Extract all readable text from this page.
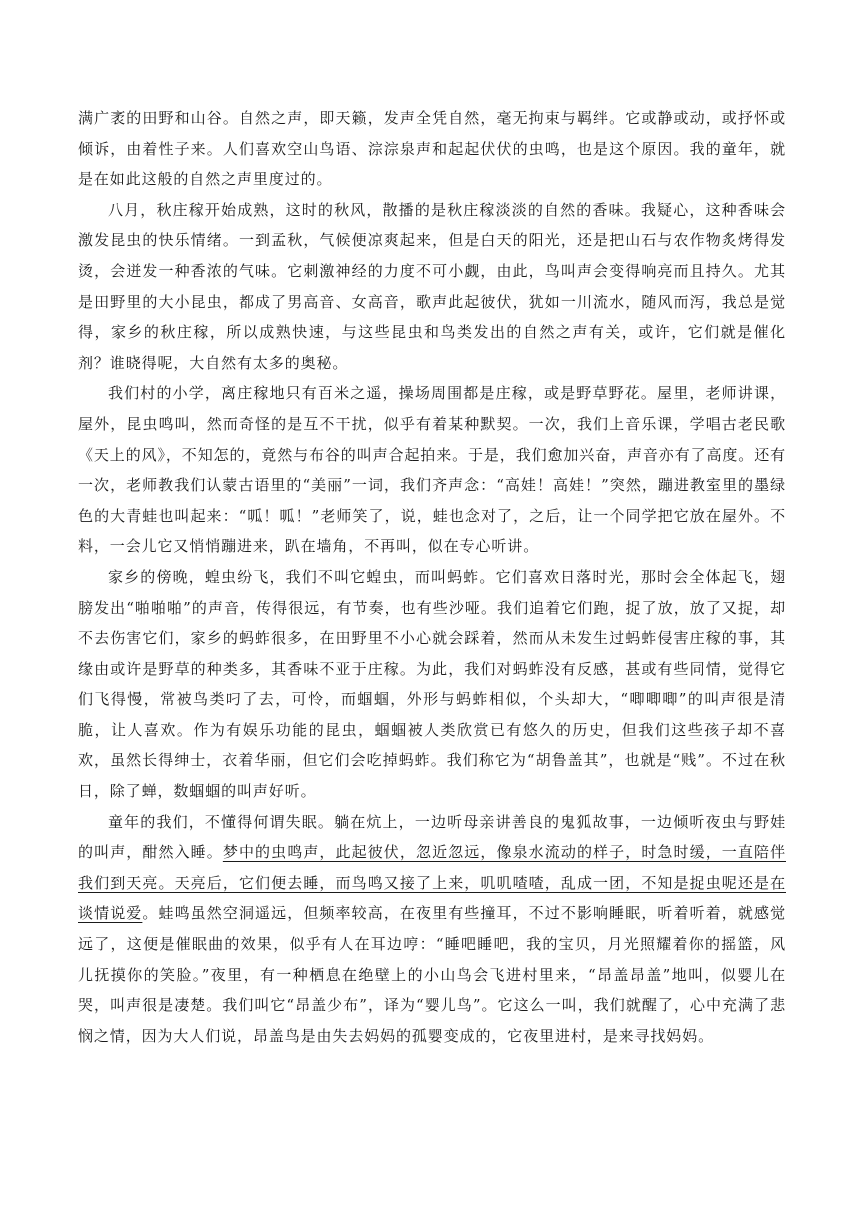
满广袤的田野和山谷。自然之声，即天籁，发声全凭自然，毫无拘束与羁绊。它或静或动，或抒怀或倾诉，由着性子来。人们喜欢空山鸟语、淙淙泉声和起起伏伏的虫鸣，也是这个原因。我的童年，就是在如此这般的自然之声里度过的。

八月，秋庄稼开始成熟，这时的秋风，散播的是秋庄稼淡淡的自然的香味。我疑心，这种香味会激发昆虫的快乐情绪。一到孟秋，气候便凉爽起来，但是白天的阳光，还是把山石与农作物炙烤得发烫，会迸发一种香浓的气味。它刺激神经的力度不可小觑，由此，鸟叫声会变得响亮而且持久。尤其是田野里的大小昆虫，都成了男高音、女高音，歌声此起彼伏，犹如一川流水，随风而泻，我总是觉得，家乡的秋庄稼，所以成熟快速，与这些昆虫和鸟类发出的自然之声有关，或许，它们就是催化剂？谁晓得呢，大自然有太多的奥秘。

我们村的小学，离庄稼地只有百米之遥，操场周围都是庄稼，或是野草野花。屋里，老师讲课，屋外，昆虫鸣叫，然而奇怪的是互不干扰，似乎有着某种默契。一次，我们上音乐课，学唱古老民歌《天上的风》，不知怎的，竟然与布谷的叫声合起拍来。于是，我们愈加兴奋，声音亦有了高度。还有一次，老师教我们认蒙古语里的“美丽”一词，我们齐声念：“高娃！高娃！”突然，蹦进教室里的墨绿色的大青蛙也叫起来：“呱！呱！”老师笑了，说，蛙也念对了，之后，让一个同学把它放在屋外。不料，一会儿它又悄悄蹦进来，趴在墙角，不再叫，似在专心听讲。

家乡的傍晚，蝗虫纷飞，我们不叫它蝗虫，而叫蚂蚱。它们喜欢日落时光，那时会全体起飞，翅膀发出“啪啪啪”的声音，传得很远，有节奏，也有些沙哑。我们追着它们跑，捉了放，放了又捉，却不去伤害它们，家乡的蚂蚱很多，在田野里不小心就会踩着，然而从未发生过蚂蚱侵害庄稼的事，其缘由或许是野草的种类多，其香味不亚于庄稼。为此，我们对蚂蚱没有反感，甚或有些同情，觉得它们飞得慢，常被鸟类叼了去，可怜，而蝈蝈，外形与蚂蚱相似，个头却大，“唧唧唧”的叫声很是清脆，让人喜欢。作为有娱乐功能的昆虫，蝈蝈被人类欣赏已有悠久的历史，但我们这些孩子却不喜欢，虽然长得绅士，衣着华丽，但它们会吃掉蚂蚱。我们称它为“胡鲁盖其”，也就是“贱”。不过在秋日，除了蝉，数蝈蝈的叫声好听。

童年的我们，不懂得何谓失眠。躺在炕上，一边听母亲讲善良的鬼狐故事，一边倾听夜虫与野娃的叫声，酣然入睡。梦中的虫鸣声，此起彼伏，忽近忽远，像泉水流动的样子，时急时缓，一直陪伴我们到天亮。天亮后，它们便去睡，而鸟鸣又接了上来，叽叽喳喳，乱成一团，不知是捉虫呢还是在谈情说爱。蛙鸣虽然空洞遥远，但频率较高，在夜里有些撞耳，不过不影响睡眠，听着听着，就感觉远了，这便是催眠曲的效果，似乎有人在耳边哼：“睡吧睡吧，我的宝贝，月光照耀着你的摇篮，风儿抚摸你的笑脸。”夜里，有一种栖息在绝壁上的小山鸟会飞进村里来，“昂盖昂盖”地叫，似婴儿在哭，叫声很是凄楚。我们叫它“昂盖少布”，译为“婴儿鸟”。它这么一叫，我们就醒了，心中充满了悲悯之情，因为大人们说，昂盖鸟是由失去妈妈的孤婴变成的，它夜里进村，是来寻找妈妈。
